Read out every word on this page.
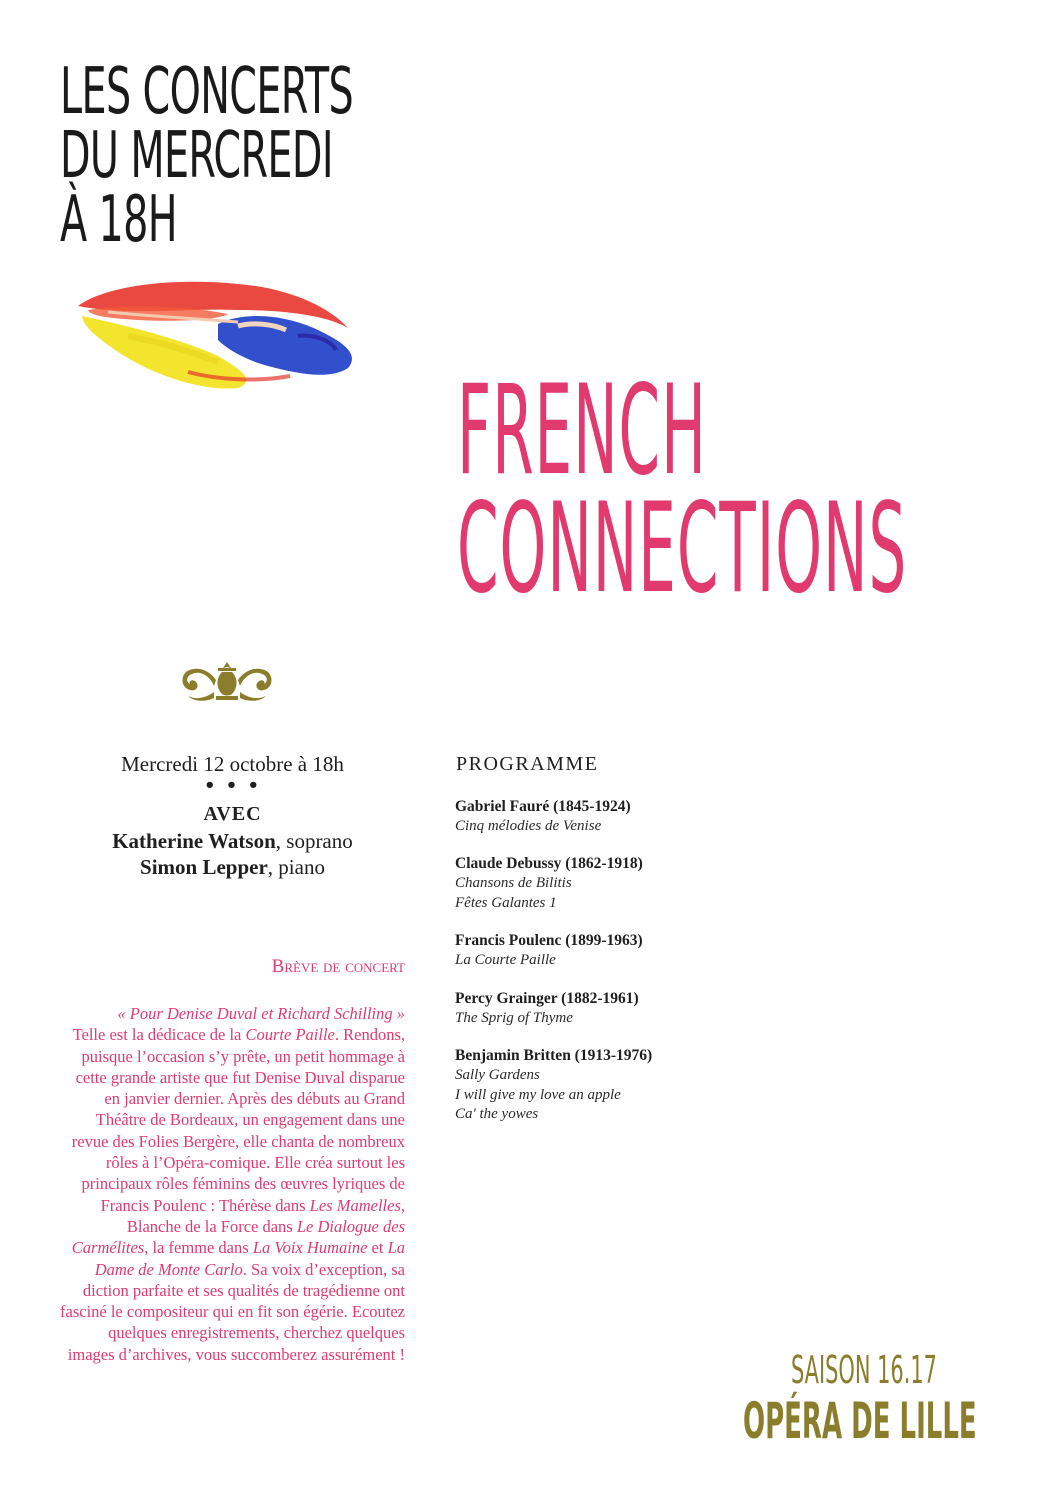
LES CONCERTS
DU MERCREDI
À 18H
FRENCH
CONNECTIONS
Mercredi 12 octobre à 18h
• • •
AVEC
Katherine Watson, soprano
Simon Lepper, piano
Brève de concert

« Pour Denise Duval et Richard Schilling »
Telle est la dédicace de la Courte Paille. Rendons, puisque l’occasion s’y prête, un petit hommage à cette grande artiste que fut Denise Duval disparue en janvier dernier. Après des débuts au Grand Théâtre de Bordeaux, un engagement dans une revue des Folies Bergère, elle chanta de nombreux rôles à l’Opéra-comique. Elle créa surtout les principaux rôles féminins des œuvres lyriques de Francis Poulenc : Thérèse dans Les Mamelles, Blanche de la Force dans Le Dialogue des Carmélites, la femme dans La Voix Humaine et La Dame de Monte Carlo. Sa voix d’exception, sa diction parfaite et ses qualités de tragédienne ont fasciné le compositeur qui en fit son égérie. Ecoutez quelques enregistrements, cherchez quelques images d’archives, vous succomberez assurément !

PROGRAMME
Gabriel Fauré (1845-1924)
Cinq mélodies de Venise
Claude Debussy (1862-1918)
Chansons de Bilitis
Fêtes Galantes 1
Francis Poulenc (1899-1963)
La Courte Paille
Percy Grainger (1882-1961)
The Sprig of Thyme
Benjamin Britten (1913-1976)
Sally Gardens
I will give my love an apple
Ca' the yowes
SAISON 16.17
OPÉRA DE LILLE
